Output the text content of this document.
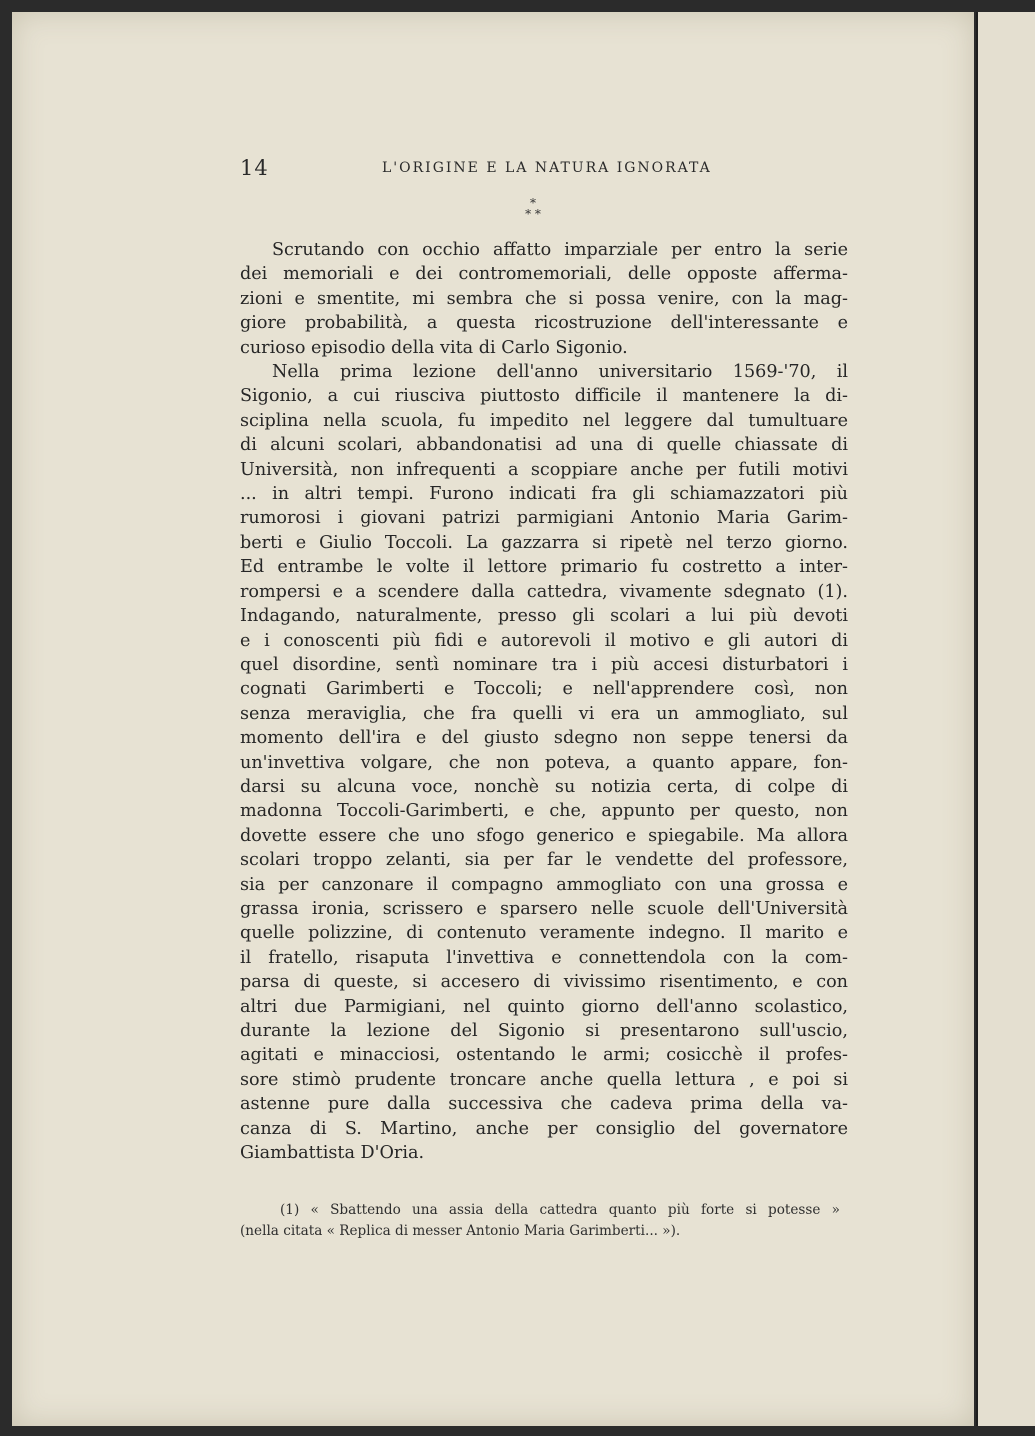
14	L'ORIGINE E LA NATURA IGNORATA
*
* *
Scrutando con occhio affatto imparziale per entro la serie
dei memoriali e dei contromemoriali, delle opposte afferma-
zioni e smentite, mi sembra che si possa venire, con la mag-
giore probabilità, a questa ricostruzione dell'interessante e
curioso episodio della vita di Carlo Sigonio.
Nella prima lezione dell'anno universitario 1569-'70, il
Sigonio, a cui riusciva piuttosto difficile il mantenere la di-
sciplina nella scuola, fu impedito nel leggere dal tumultuare
di alcuni scolari, abbandonatisi ad una di quelle chiassate di
Università, non infrequenti a scoppiare anche per futili motivi
... in altri tempi. Furono indicati fra gli schiamazzatori più
rumorosi i giovani patrizi parmigiani Antonio Maria Garim-
berti e Giulio Toccoli. La gazzarra si ripetè nel terzo giorno.
Ed entrambe le volte il lettore primario fu costretto a inter-
rompersi e a scendere dalla cattedra, vivamente sdegnato (1).
Indagando, naturalmente, presso gli scolari a lui più devoti
e i conoscenti più fidi e autorevoli il motivo e gli autori di
quel disordine, sentì nominare tra i più accesi disturbatori i
cognati Garimberti e Toccoli; e nell'apprendere così, non
senza meraviglia, che fra quelli vi era un ammogliato, sul
momento dell'ira e del giusto sdegno non seppe tenersi da
un'invettiva volgare, che non poteva, a quanto appare, fon-
darsi su alcuna voce, nonchè su notizia certa, di colpe di
madonna Toccoli-Garimberti, e che, appunto per questo, non
dovette essere che uno sfogo generico e spiegabile. Ma allora
scolari troppo zelanti, sia per far le vendette del professore,
sia per canzonare il compagno ammogliato con una grossa e
grassa ironia, scrissero e sparsero nelle scuole dell'Università
quelle polizzine, di contenuto veramente indegno. Il marito e
il fratello, risaputa l'invettiva e connettendola con la com-
parsa di queste, si accesero di vivissimo risentimento, e con
altri due Parmigiani, nel quinto giorno dell'anno scolastico,
durante la lezione del Sigonio si presentarono sull'uscio,
agitati e minacciosi, ostentando le armi; cosicchè il profes-
sore stimò prudente troncare anche quella lettura , e poi si
astenne pure dalla successiva che cadeva prima della va-
canza di S. Martino, anche per consiglio del governatore
Giambattista D'Oria.
(1) « Sbattendo una assia della cattedra quanto più forte si potesse »
(nella citata « Replica di messer Antonio Maria Garimberti... »).
